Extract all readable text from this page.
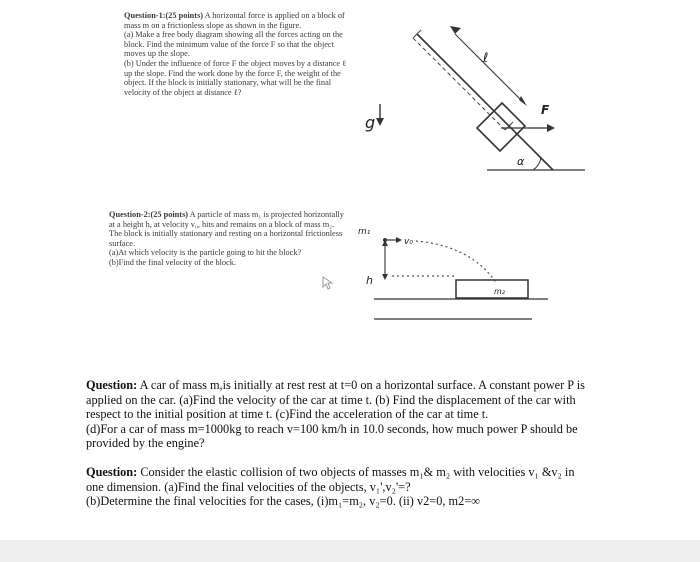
Question-1:(25 points) A horizontal force is applied on a block of mass m on a frictionless slope as shown in the figure.
(a) Make a free body diagram showing all the forces acting on the block. Find the minimum value of the force F so that the object moves up the slope.
(b) Under the influence of force F the object moves by a distance ℓ up the slope. Find the work done by the force F, the weight of the object. If the block is initially stationary, what will be the final velocity of the object at distance ℓ?
ℓ
F
α
g
Question-2:(25 points) A particle of mass m₁ is projected horizontally at a height h, at velocity v₀, hits and remains on a block of mass m₂. The block is initially stationary and resting on a horizontal frictionless surface.
(a)At which velocity is the particle going to hit the block?
(b)Find the final velocity of the block.
m₁
v₀
h
m₂
Question: A car of mass m,is initially at rest rest at t=0 on a horizontal surface. A constant power P is applied on the car. (a)Find the velocity of the car at time t. (b) Find the displacement of the car with respect to the initial position at time t. (c)Find the acceleration of the car at time t.
(d)For a car of mass m=1000kg to reach v=100 km/h in 10.0 seconds, how much power P should be provided by the engine?
Question: Consider the elastic collision of two objects of masses m₁& m₂ with velocities v₁ &v₂ in one dimension. (a)Find the final velocities of the objects, v₁',v₂'=?
(b)Determine the final velocities for the cases, (i)m₁=m₂, v₂=0. (ii) v2=0, m2=∞
